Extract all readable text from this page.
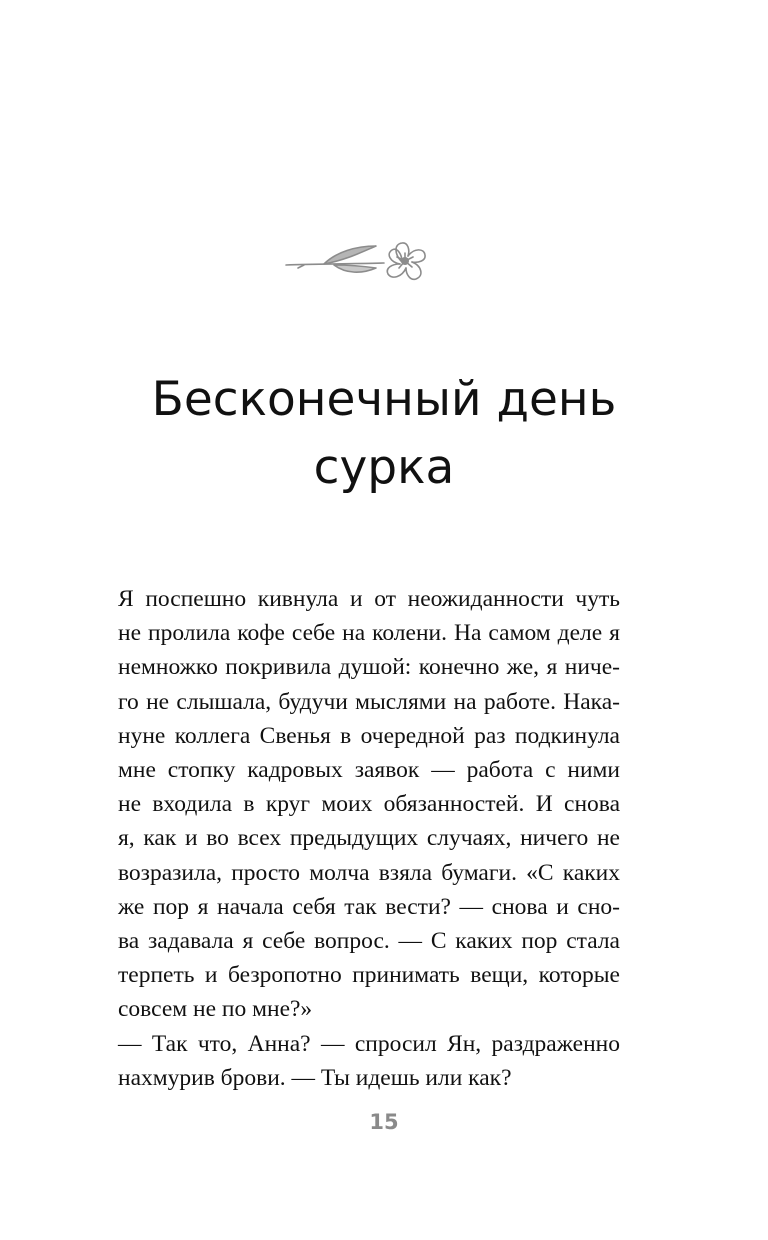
Бесконечный день
сурка

Я поспешно кивнула и от неожиданности чуть
не пролила кофе себе на колени. На самом деле я
немножко покривила душой: конечно же, я ниче-
го не слышала, будучи мыслями на работе. Нака-
нуне коллега Свенья в очередной раз подкинула
мне стопку кадровых заявок — работа с ними
не входила в круг моих обязанностей. И снова
я, как и во всех предыдущих случаях, ничего не
возразила, просто молча взяла бумаги. «С каких
же пор я начала себя так вести? — снова и сно-
ва задавала я себе вопрос. — С каких пор стала
терпеть и безропотно принимать вещи, которые
совсем не по мне?»

— Так что, Анна? — спросил Ян, раздраженно
нахмурив брови. — Ты идешь или как?

15
